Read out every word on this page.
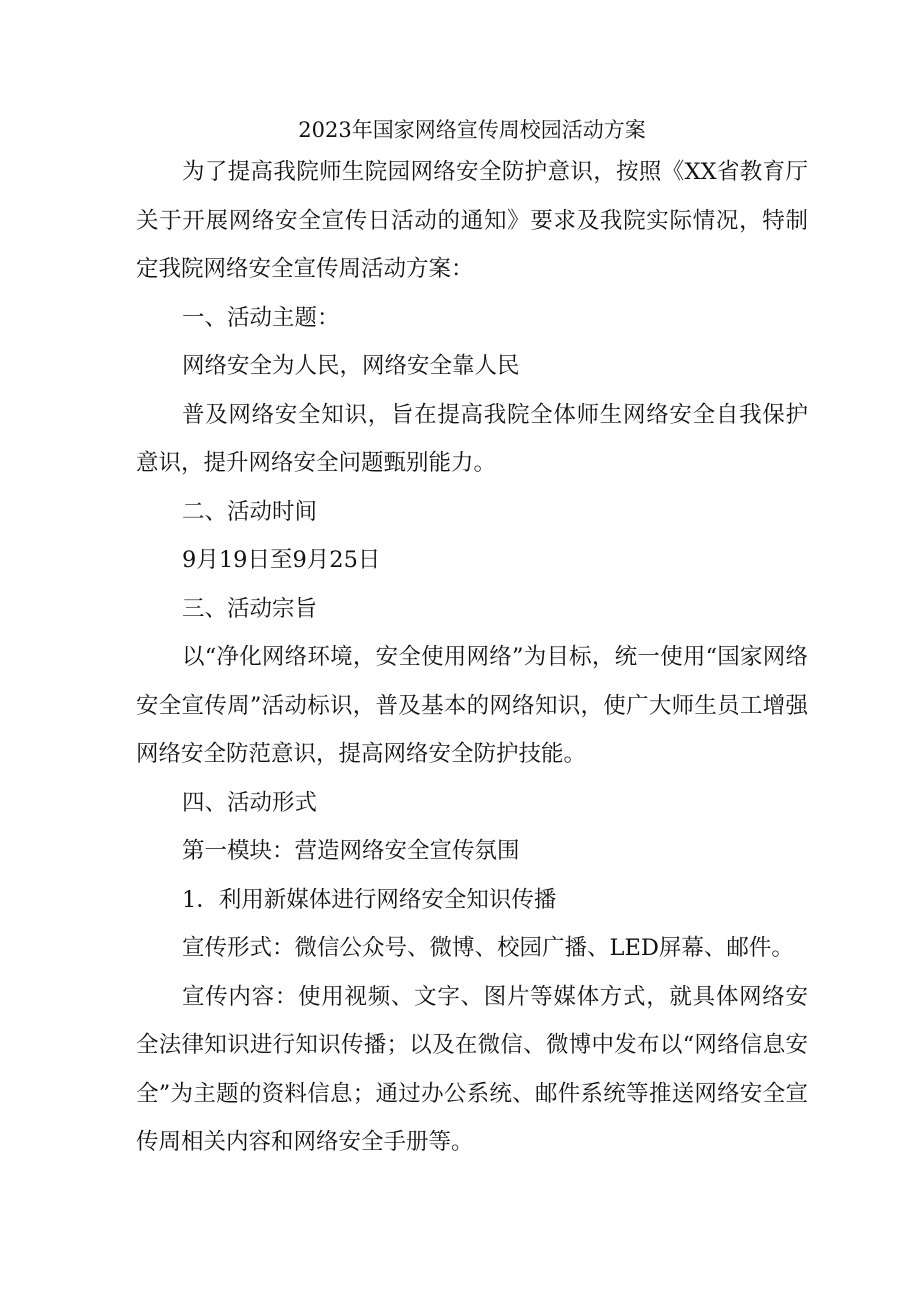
2023年国家网络宣传周校园活动方案

为了提高我院师生院园网络安全防护意识，按照《XX省教育厅关于开展网络安全宣传日活动的通知》要求及我院实际情况，特制定我院网络安全宣传周活动方案：

一、活动主题：

网络安全为人民，网络安全靠人民

普及网络安全知识，旨在提高我院全体师生网络安全自我保护意识，提升网络安全问题甄别能力。

二、活动时间

9月19日至9月25日

三、活动宗旨

以“净化网络环境，安全使用网络”为目标，统一使用“国家网络安全宣传周”活动标识，普及基本的网络知识，使广大师生员工增强网络安全防范意识，提高网络安全防护技能。

四、活动形式

第一模块：营造网络安全宣传氛围

1．利用新媒体进行网络安全知识传播

宣传形式：微信公众号、微博、校园广播、LED屏幕、邮件。

宣传内容：使用视频、文字、图片等媒体方式，就具体网络安全法律知识进行知识传播；以及在微信、微博中发布以“网络信息安全”为主题的资料信息；通过办公系统、邮件系统等推送网络安全宣传周相关内容和网络安全手册等。
